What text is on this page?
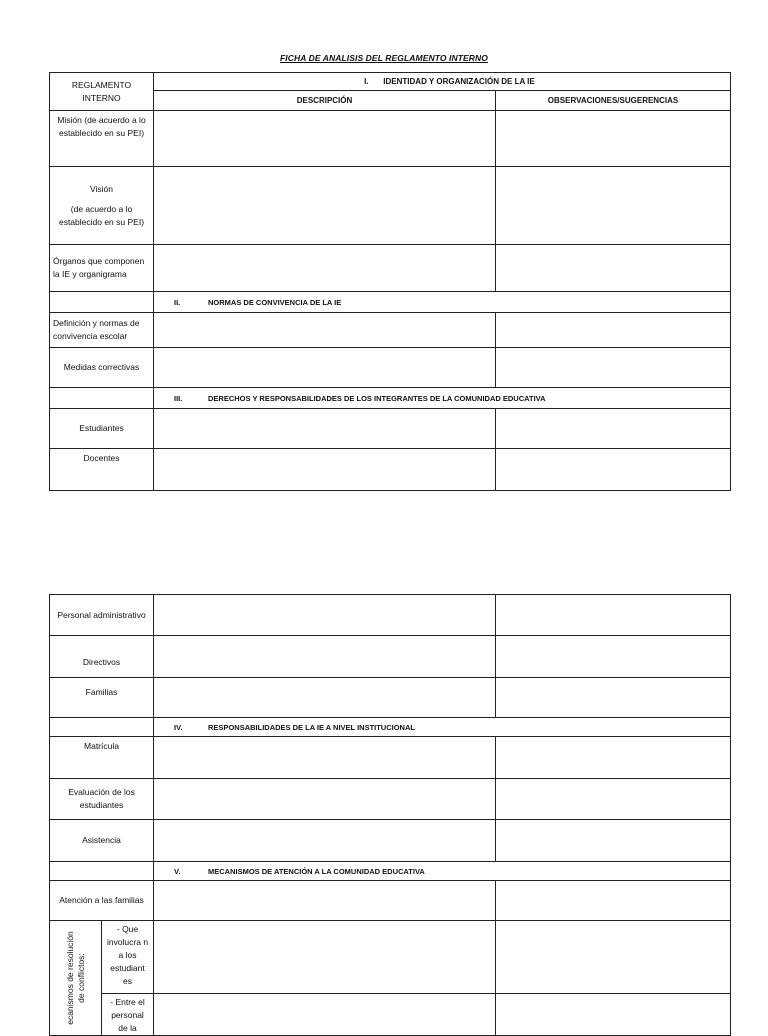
FICHA DE ANALISIS DEL REGLAMENTO INTERNO
REGLAMENTO INTERNO	I. IDENTIDAD Y ORGANIZACIÓN DE LA IE	
	DESCRIPCIÓN	OBSERVACIONES/SUGERENCIAS
Misión (de acuerdo a lo establecido en su PEI)		

Visión
(de acuerdo a lo establecido en su PEI)		

Órganos que componen la IE y organigrama		
	II. NORMAS DE CONVIVENCIA DE LA IE	
Definición y normas de convivencia escolar		
Medidas correctivas		
	III. DERECHOS Y RESPONSABILIDADES DE LOS INTEGRANTES DE LA COMUNIDAD EDUCATIVA	
Estudiantes		
Docentes		
Personal administrativo			
Directivos			
Familias			
		IV. RESPONSABILIDADES DE LA IE A NIVEL INSTITUCIONAL	
Matrícula			
Evaluación de los estudiantes			
Asistencia			
		V. MECANISMOS DE ATENCIÓN A LA COMUNIDAD EDUCATIVA	
Atención a las familias			

ecanismos de resolución de conflictos:	- Que involucra n a los estudiant es		
	- Entre el personal de la		
